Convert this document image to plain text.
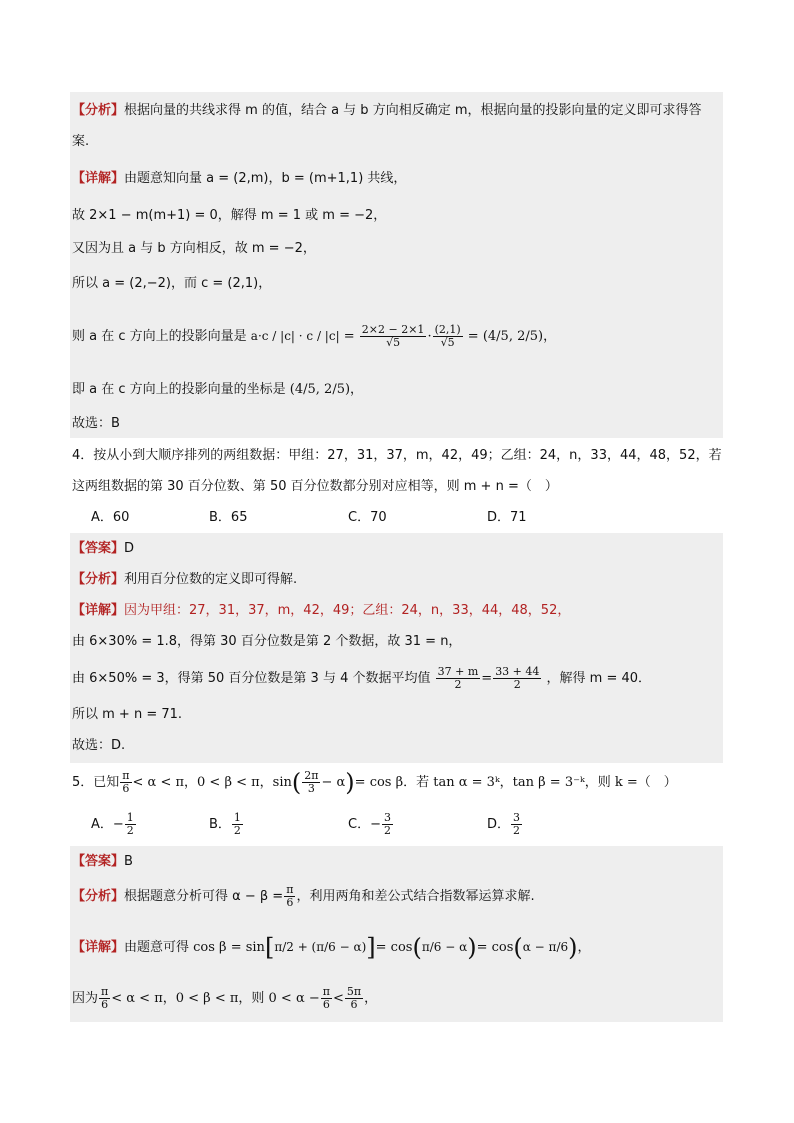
【分析】根据向量的共线求得 m 的值，结合 a 与 b 方向相反确定 m，根据向量的投影向量的定义即可求得答
案.
【详解】由题意知向量 a = (2,m)，b = (m+1,1) 共线，
故 2×1 − m(m+1) = 0，解得 m = 1 或 m = −2，
又因为且 a 与 b 方向相反，故 m = −2，
所以 a = (2,−2)，而 c = (2,1)，
则 a 在 c 方向上的投影向量是 $a\cdot c / |c| \cdot c / |c| = \frac{2\times 2 - 2\times 1}{√5} \cdot \frac{(2,1)}{√5} = (4/5$, 2/5)，
即 a 在 c 方向上的投影向量的坐标是 (4/5, 2/5)，
故选：B
4．按从小到大顺序排列的两组数据：甲组：27，31，37，m，42，49；乙组：24，n，33，44，48，52，若
这两组数据的第 30 百分位数、第 50 百分位数都分别对应相等，则 m + n =（　）
A．60	B．65	C．70	D．71
【答案】D
【分析】利用百分位数的定义即可得解.
【详解】因为甲组：27，31，37，m，42，49；乙组：24，n，33，44，48，52，
由 6×30% = 1.8，得第 30 百分位数是第 2 个数据，故 31 = n，
由 6×50% = 3，得第 50 百分位数是第 3 与 4 个数据平均值 $\frac{37 + m}{2} = \frac{33 + 44}{2}$ ，解得 m = 40．
所以 m + n = 71.
故选：D.
5．已知 $\frac{\pi}{6} < \alpha < \pi$，0 < β < π，$\sin( \frac{2\pi}{3} - \alpha)= \cos \beta$．若 tan α = 3ᵏ，tan β = 3⁻ᵏ，则 k =（　）
A．− $\frac{1}{2}$	B． $\frac{1}{2}$	C．− $\frac{3}{2}$	D． $\frac{3}{2}$
【答案】B
【分析】根据题意分析可得 $\alpha - \beta = \frac{\pi}{6}$ ，利用两角和差公式结合指数幂运算求解.
【详解】由题意可得 cos β = sin[π/2 + (π/6 − α)]= cos(π/6 − α)= cos(α − π/6)，
因为 $\frac{\pi}{6} < \alpha < \pi$，0 < β < π，则 $0 < \alpha - \frac{\pi}{6} < \frac{5\pi}{6}$ ，
